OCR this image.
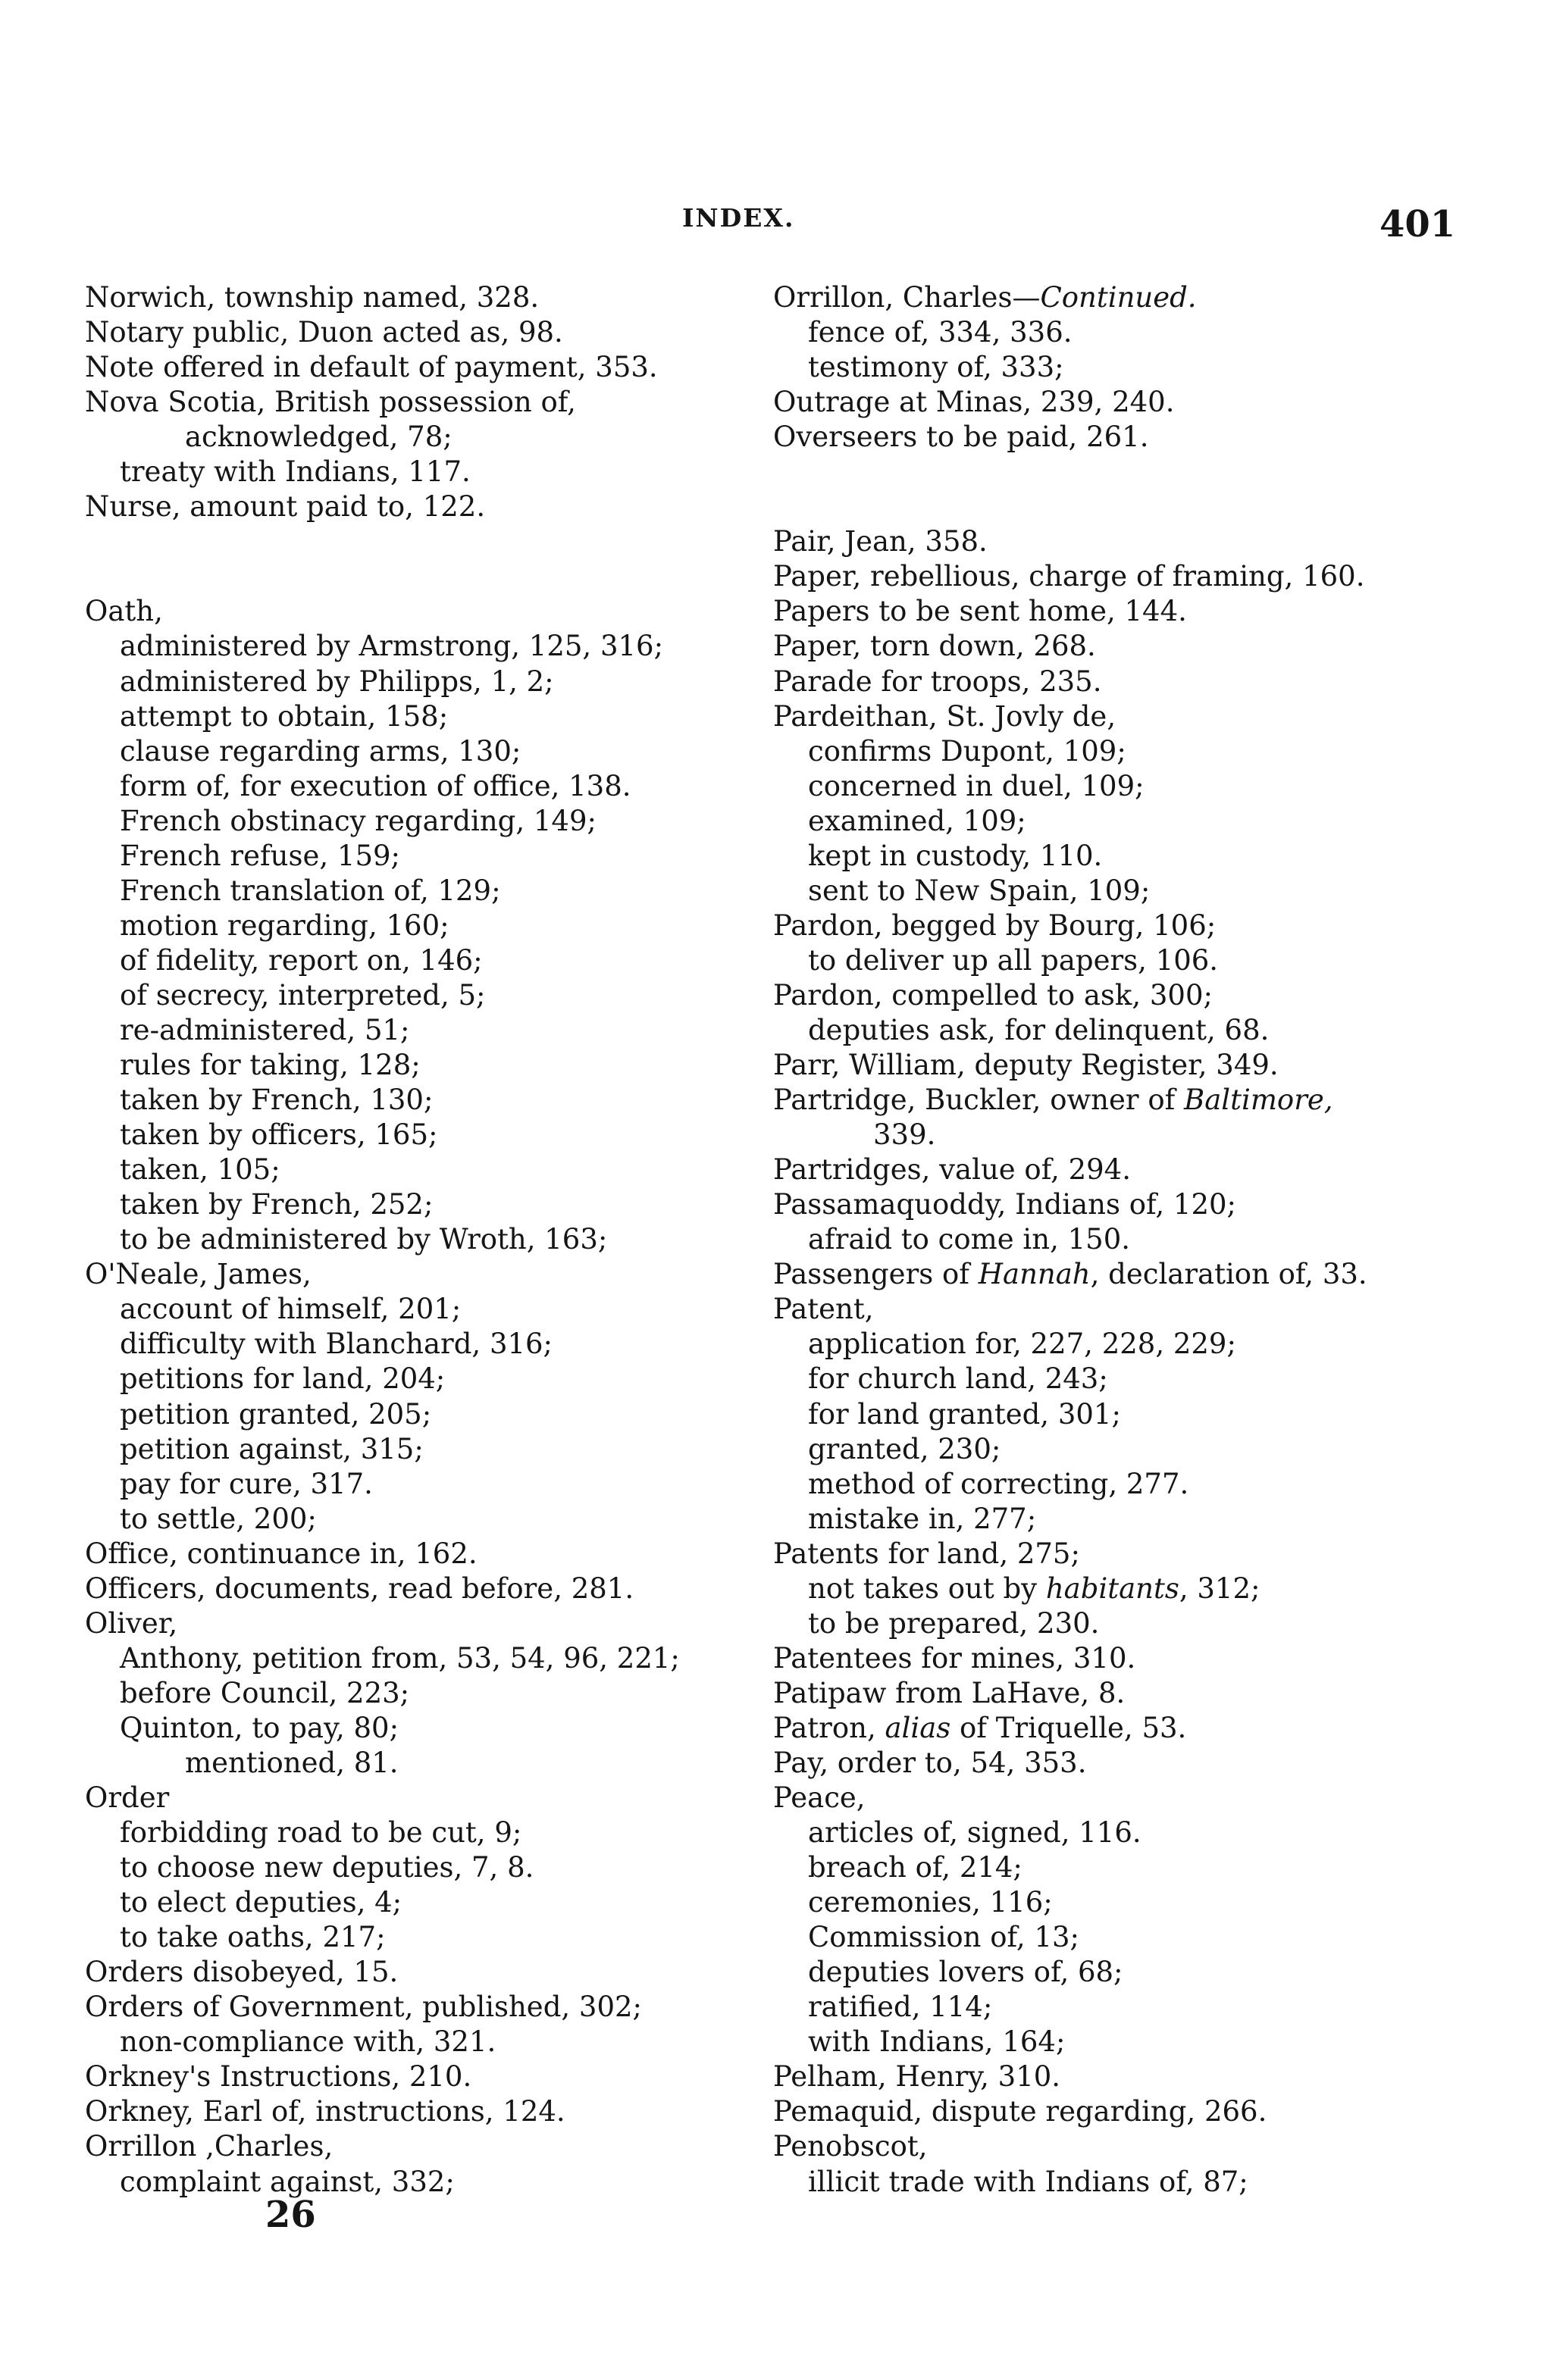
INDEX.	401
Norwich, township named, 328.
Notary public, Duon acted as, 98.
Note offered in default of payment, 353.
Nova Scotia, British possession of,
acknowledged, 78;
treaty with Indians, 117.
Nurse, amount paid to, 122.
Oath,
administered by Armstrong, 125, 316;
administered by Philipps, 1, 2;
attempt to obtain, 158;
clause regarding arms, 130;
form of, for execution of office, 138.
French obstinacy regarding, 149;
French refuse, 159;
French translation of, 129;
motion regarding, 160;
of fidelity, report on, 146;
of secrecy, interpreted, 5;
re-administered, 51;
rules for taking, 128;
taken by French, 130;
taken by officers, 165;
taken, 105;
taken by French, 252;
to be administered by Wroth, 163;
O'Neale, James,
account of himself, 201;
difficulty with Blanchard, 316;
petitions for land, 204;
petition granted, 205;
petition against, 315;
pay for cure, 317.
to settle, 200;
Office, continuance in, 162.
Officers, documents, read before, 281.
Oliver,
Anthony, petition from, 53, 54, 96, 221;
before Council, 223;
Quinton, to pay, 80;
mentioned, 81.
Order
forbidding road to be cut, 9;
to choose new deputies, 7, 8.
to elect deputies, 4;
to take oaths, 217;
Orders disobeyed, 15.
Orders of Government, published, 302;
non-compliance with, 321.
Orkney's Instructions, 210.
Orkney, Earl of, instructions, 124.
Orrillon ,Charles,
complaint against, 332;
Orrillon, Charles—Continued.
fence of, 334, 336.
testimony of, 333;
Outrage at Minas, 239, 240.
Overseers to be paid, 261.
Pair, Jean, 358.
Paper, rebellious, charge of framing, 160.
Papers to be sent home, 144.
Paper, torn down, 268.
Parade for troops, 235.
Pardeithan, St. Jovly de,
confirms Dupont, 109;
concerned in duel, 109;
examined, 109;
kept in custody, 110.
sent to New Spain, 109;
Pardon, begged by Bourg, 106;
to deliver up all papers, 106.
Pardon, compelled to ask, 300;
deputies ask, for delinquent, 68.
Parr, William, deputy Register, 349.
Partridge, Buckler, owner of Baltimore,
339.
Partridges, value of, 294.
Passamaquoddy, Indians of, 120;
afraid to come in, 150.
Passengers of Hannah, declaration of, 33.
Patent,
application for, 227, 228, 229;
for church land, 243;
for land granted, 301;
granted, 230;
method of correcting, 277.
mistake in, 277;
Patents for land, 275;
not takes out by habitants, 312;
to be prepared, 230.
Patentees for mines, 310.
Patipaw from LaHave, 8.
Patron, alias of Triquelle, 53.
Pay, order to, 54, 353.
Peace,
articles of, signed, 116.
breach of, 214;
ceremonies, 116;
Commission of, 13;
deputies lovers of, 68;
ratified, 114;
with Indians, 164;
Pelham, Henry, 310.
Pemaquid, dispute regarding, 266.
Penobscot,
illicit trade with Indians of, 87;
26
